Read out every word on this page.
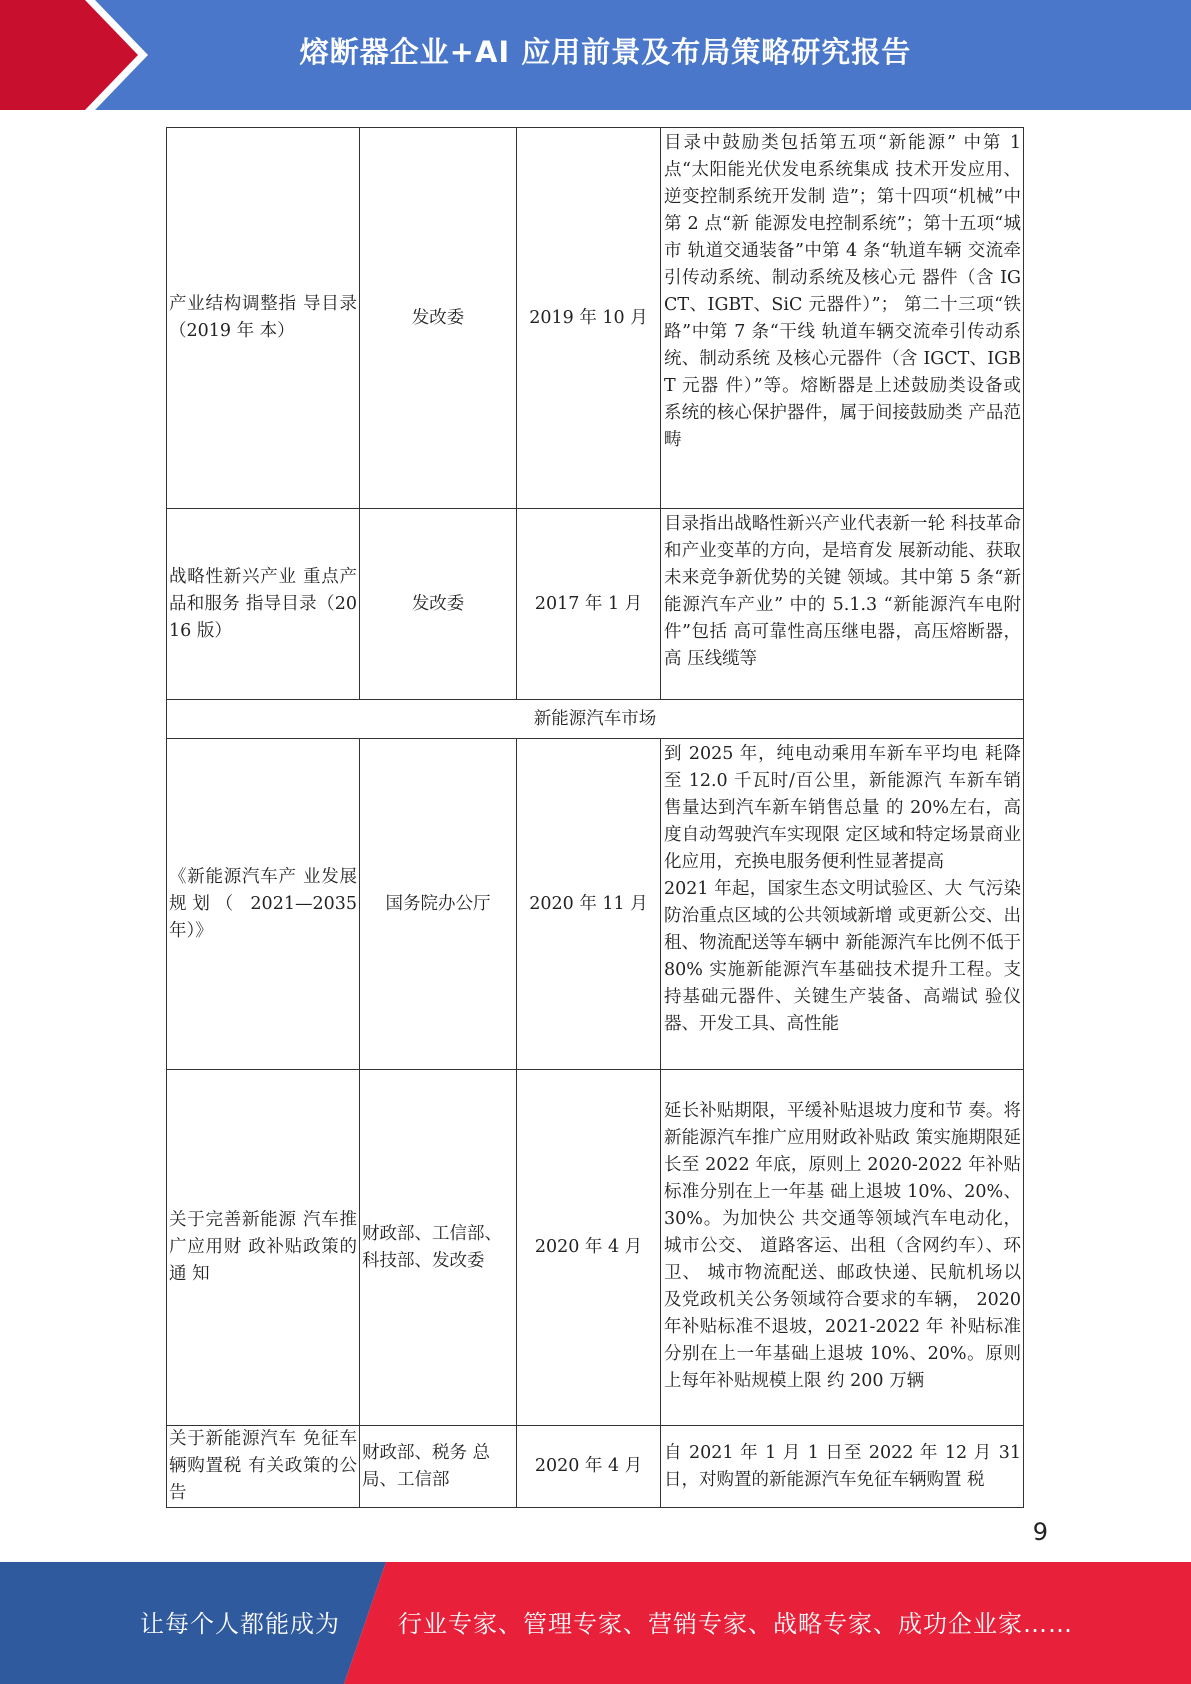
熔断器企业+AI 应用前景及布局策略研究报告
产业结构调整指 导目录（2019 年 本）	发改委	2019 年 10 月	目录中鼓励类包括第五项“新能源” 中第 1 点“太阳能光伏发电系统集成 技术开发应用、逆变控制系统开发制 造”；第十四项“机械”中第 2 点“新 能源发电控制系统”；第十五项“城市 轨道交通装备”中第 4 条“轨道车辆 交流牵引传动系统、制动系统及核心元 器件（含 IGCT、IGBT、SiC 元器件）”； 第二十三项“铁路”中第 7 条“干线 轨道车辆交流牵引传动系统、制动系统 及核心元器件（含 IGCT、IGBT 元器 件）”等。熔断器是上述鼓励类设备或 系统的核心保护器件，属于间接鼓励类 产品范畴
战略性新兴产业 重点产品和服务 指导目录（2016 版）	发改委	2017 年 1 月	目录指出战略性新兴产业代表新一轮 科技革命和产业变革的方向，是培育发 展新动能、获取未来竞争新优势的关键 领域。其中第 5 条“新能源汽车产业” 中的 5.1.3 “新能源汽车电附件”包括 高可靠性高压继电器，高压熔断器，高 压线缆等
新能源汽车市场			
《新能源汽车产 业发展规划（ 2021—2035 年）》	国务院办公厅	2020 年 11 月	到 2025 年，纯电动乘用车新车平均电 耗降至 12.0 千瓦时/百公里，新能源汽 车新车销售量达到汽车新车销售总量 的 20%左右，高度自动驾驶汽车实现限 定区域和特定场景商业化应用，充换电服务便利性显著提高
2021 年起，国家生态文明试验区、大 气污染防治重点区域的公共领域新增 或更新公交、出租、物流配送等车辆中 新能源汽车比例不低于 80% 实施新能源汽车基础技术提升工程。支 持基础元器件、关键生产装备、高端试 验仪器、开发工具、高性能

关于完善新能源 汽车推广应用财 政补贴政策的通 知	财政部、工信部、科技部、发改委	2020 年 4 月	延长补贴期限，平缓补贴退坡力度和节 奏。将新能源汽车推广应用财政补贴政 策实施期限延长至 2022 年底，原则上 2020-2022 年补贴标准分别在上一年基 础上退坡 10%、20%、30%。为加快公 共交通等领域汽车电动化，城市公交、 道路客运、出租（含网约车）、环卫、 城市物流配送、邮政快递、民航机场以 及党政机关公务领域符合要求的车辆， 2020 年补贴标准不退坡，2021-2022 年 补贴标准分别在上一年基础上退坡 10%、20%。原则上每年补贴规模上限 约 200 万辆
关于新能源汽车 免征车辆购置税 有关政策的公告	财政部、税务 总局、工信部	2020 年 4 月	自 2021 年 1 月 1 日至 2022 年 12 月 31 日，对购置的新能源汽车免征车辆购置 税
9
让每个人都能成为 行业专家、管理专家、营销专家、战略专家、成功企业家……
